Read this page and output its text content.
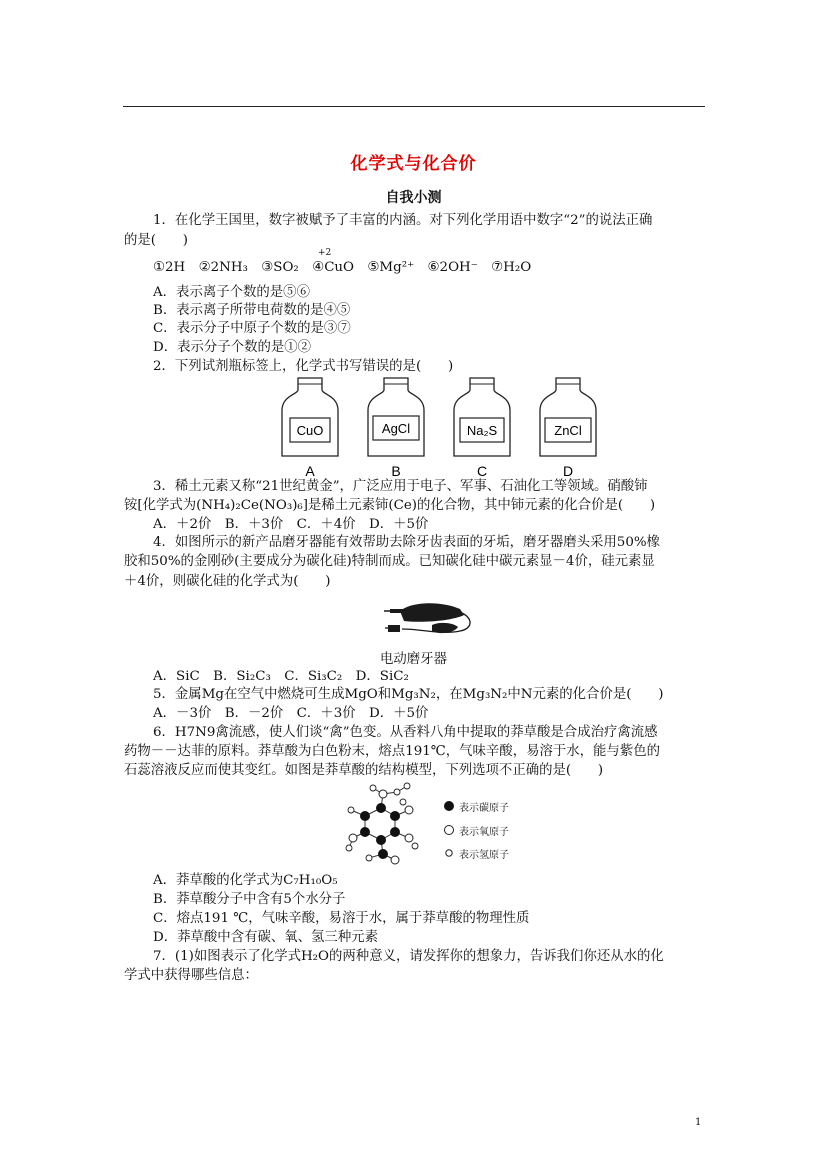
化学式与化合价
自我小测
1．在化学王国里，数字被赋予了丰富的内涵。对下列化学用语中数字“2”的说法正确
的是(　　)
+2
①2H　②2NH₃　③SO₂　④CuO　⑤Mg²⁺　⑥2OH⁻　⑦H₂O
A．表示离子个数的是⑤⑥
B．表示离子所带电荷数的是④⑤
C．表示分子中原子个数的是③⑦
D．表示分子个数的是①②
2．下列试剂瓶标签上，化学式书写错误的是(　　)
CuO
A
AgCl
B
Na₂S
C
ZnCl
D
3．稀土元素又称“21世纪黄金”，广泛应用于电子、军事、石油化工等领域。硝酸铈
铵[化学式为(NH₄)₂Ce(NO₃)₆]是稀土元素铈(Ce)的化合物，其中铈元素的化合价是(　　)
A．＋2价　B．＋3价　C．＋4价　D．＋5价
4．如图所示的新产品磨牙器能有效帮助去除牙齿表面的牙垢，磨牙器磨头采用50%橡
胶和50%的金刚砂(主要成分为碳化硅)特制而成。已知碳化硅中碳元素显－4价，硅元素显
＋4价，则碳化硅的化学式为(　　)
电动磨牙器
A．SiC　B．Si₂C₃　C．Si₃C₂　D．SiC₂
5．金属Mg在空气中燃烧可生成MgO和Mg₃N₂，在Mg₃N₂中N元素的化合价是(　　)
A．－3价　B．－2价　C．＋3价　D．＋5价
6．H7N9禽流感，使人们谈“禽”色变。从香料八角中提取的莽草酸是合成治疗禽流感
药物－－达菲的原料。莽草酸为白色粉末，熔点191℃，气味辛酸，易溶于水，能与紫色的
石蕊溶液反应而使其变红。如图是莽草酸的结构模型，下列选项不正确的是(　　)
表示碳原子
表示氧原子
表示氢原子
A．莽草酸的化学式为C₇H₁₀O₅
B．莽草酸分子中含有5个水分子
C．熔点191 ℃，气味辛酸，易溶于水，属于莽草酸的物理性质
D．莽草酸中含有碳、氧、氢三种元素
7．(1)如图表示了化学式H₂O的两种意义，请发挥你的想象力，告诉我们你还从水的化
学式中获得哪些信息：
1
